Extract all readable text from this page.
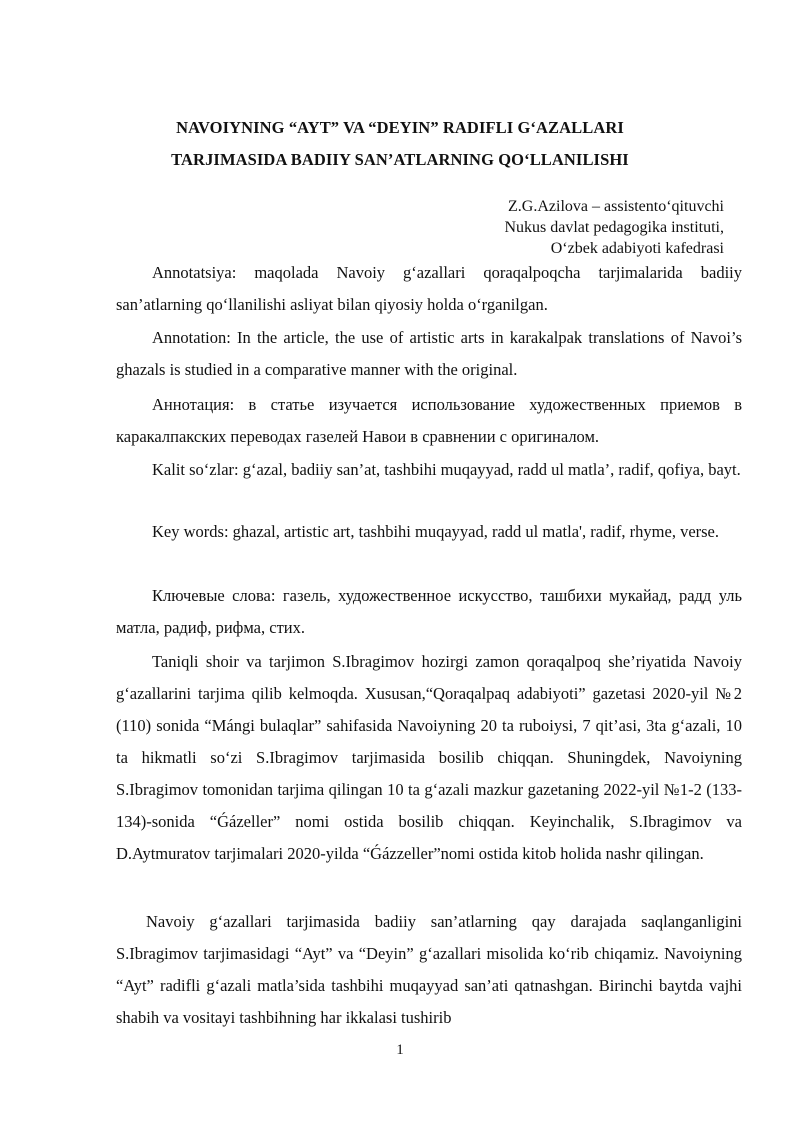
NAVOIYNING “AYT” VA “DEYIN” RADIFLI G‘AZALLARI
TARJIMASIDA BADIIY SAN’ATLARNING QO‘LLANILISHI
Z.G.Azilova – assistento‘qituvchi
Nukus davlat pedagogika instituti,
O‘zbek adabiyoti kafedrasi

Annotatsiya: maqolada Navoiy g‘azallari qoraqalpoqcha tarjimalarida badiiy san’atlarning qo‘llanilishi asliyat bilan qiyosiy holda o‘rganilgan.

Annotation: In the article, the use of artistic arts in karakalpak translations of Navoi’s ghazals is studied in a comparative manner with the original.

Аннотация: в статье изучается использование художественных приемов в каракалпакских переводах газелей Навои в сравнении с оригиналом.

Kalit so‘zlar: g‘azal, badiiy san’at, tashbihi muqayyad, radd ul matla’, radif, qofiya, bayt.

Key words: ghazal, artistic art, tashbihi muqayyad, radd ul matla', radif, rhyme, verse.

Ключевые слова: газель, художественное искусство, ташбихи мукайад, радд уль матла, радиф, рифма, стих.

Taniqli shoir va tarjimon S.Ibragimov hozirgi zamon qoraqalpoq she’riyatida Navoiy g‘azallarini tarjima qilib kelmoqda. Xususan,“Qoraqalpaq adabiyoti” gazetasi 2020-yil №2 (110) sonida “Mángi bulaqlar” sahifasida Navoiyning 20 ta ruboiysi, 7 qit’asi, 3ta g‘azali, 10 ta hikmatli so‘zi S.Ibragimov tarjimasida bosilib chiqqan. Shuningdek, Navoiyning S.Ibragimov tomonidan tarjima qilingan 10 ta g‘azali mazkur gazetaning 2022-yil №1-2 (133-134)-sonida “Ǵázeller” nomi ostida bosilib chiqqan. Keyinchalik, S.Ibragimov va D.Aytmuratov tarjimalari 2020-yilda “Ǵázzeller”nomi ostida kitob holida nashr qilingan.

Navoiy g‘azallari tarjimasida badiiy san’atlarning qay darajada saqlanganligini S.Ibragimov tarjimasidagi “Ayt” va “Deyin” g‘azallari misolida ko‘rib chiqamiz. Navoiyning “Ayt” radifli g‘azali matla’sida tashbihi muqayyad san’ati qatnashgan. Birinchi baytda vajhi shabih va vositayi tashbihning har ikkalasi tushirib

1
